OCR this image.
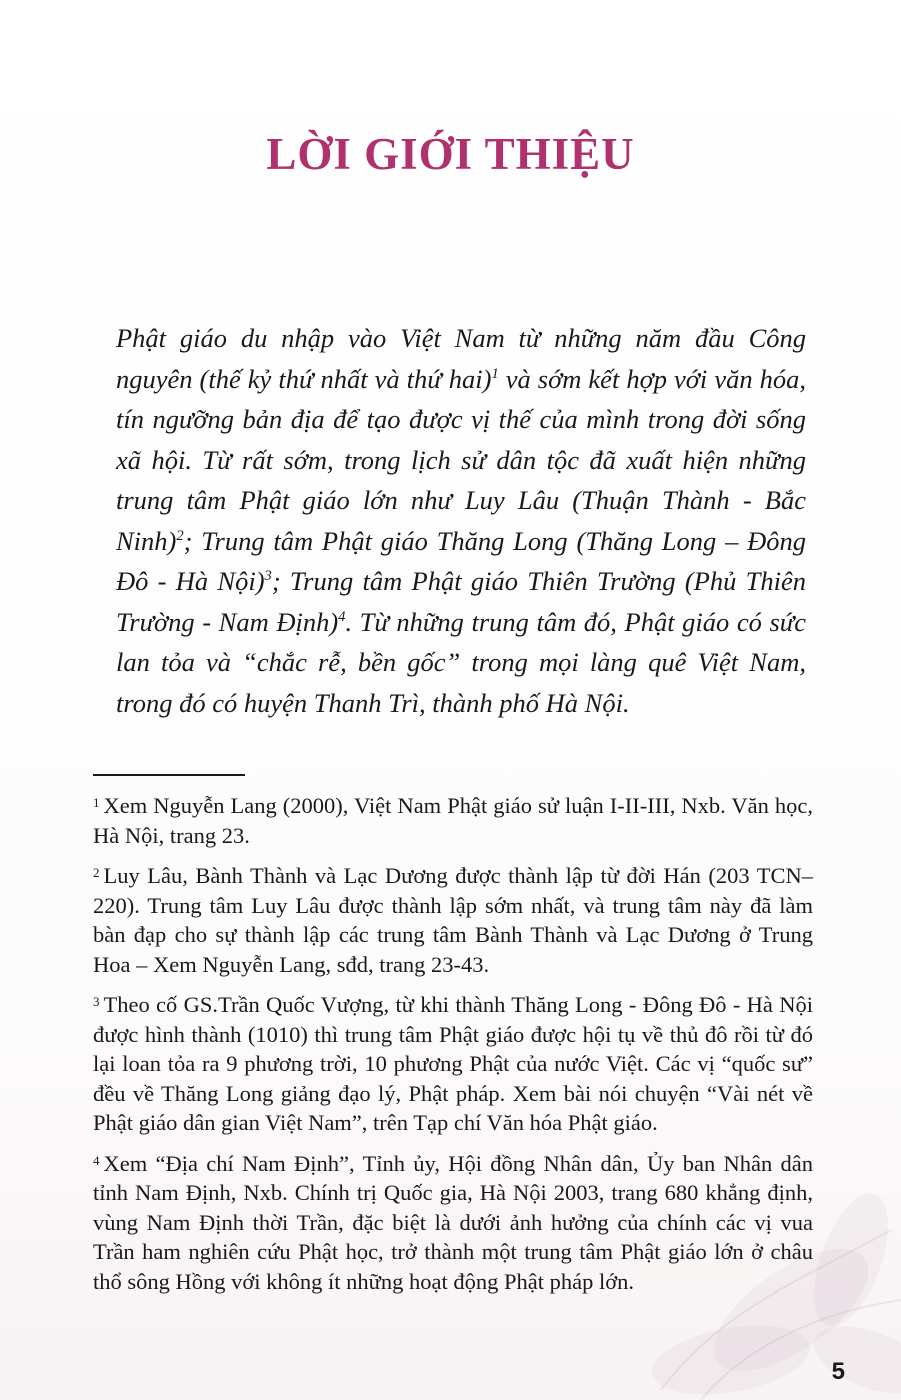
LỜI GIỚI THIỆU

Phật giáo du nhập vào Việt Nam từ những năm đầu Công nguyên (thế kỷ thứ nhất và thứ hai)$^1$ và sớm kết hợp với văn hóa, tín ngưỡng bản địa để tạo được vị thế của mình trong đời sống xã hội. Từ rất sớm, trong lịch sử dân tộc đã xuất hiện những trung tâm Phật giáo lớn như Luy Lâu (Thuận Thành - Bắc Ninh)$^2$; Trung tâm Phật giáo Thăng Long (Thăng Long – Đông Đô - Hà Nội)$^3$; Trung tâm Phật giáo Thiên Trường (Phủ Thiên Trường - Nam Định)$^4$. Từ những trung tâm đó, Phật giáo có sức lan tỏa và “chắc rễ, bền gốc” trong mọi làng quê Việt Nam, trong đó có huyện Thanh Trì, thành phố Hà Nội.

$^1$ Xem Nguyễn Lang (2000), Việt Nam Phật giáo sử luận I-II-III, Nxb. Văn học, Hà Nội, trang 23.
$^2$ Luy Lâu, Bành Thành và Lạc Dương được thành lập từ đời Hán (203 TCN–220). Trung tâm Luy Lâu được thành lập sớm nhất, và trung tâm này đã làm bàn đạp cho sự thành lập các trung tâm Bành Thành và Lạc Dương ở Trung Hoa – Xem Nguyễn Lang, sđd, trang 23-43.
$^3$ Theo cố GS.Trần Quốc Vượng, từ khi thành Thăng Long - Đông Đô - Hà Nội được hình thành (1010) thì trung tâm Phật giáo được hội tụ về thủ đô rồi từ đó lại loan tỏa ra 9 phương trời, 10 phương Phật của nước Việt. Các vị “quốc sư” đều về Thăng Long giảng đạo lý, Phật pháp. Xem bài nói chuyện “Vài nét về Phật giáo dân gian Việt Nam”, trên Tạp chí Văn hóa Phật giáo.
$^4$ Xem “Địa chí Nam Định”, Tỉnh ủy, Hội đồng Nhân dân, Ủy ban Nhân dân tỉnh Nam Định, Nxb. Chính trị Quốc gia, Hà Nội 2003, trang 680 khẳng định, vùng Nam Định thời Trần, đặc biệt là dưới ảnh hưởng của chính các vị vua Trần ham nghiên cứu Phật học, trở thành một trung tâm Phật giáo lớn ở châu thổ sông Hồng với không ít những hoạt động Phật pháp lớn.
5
